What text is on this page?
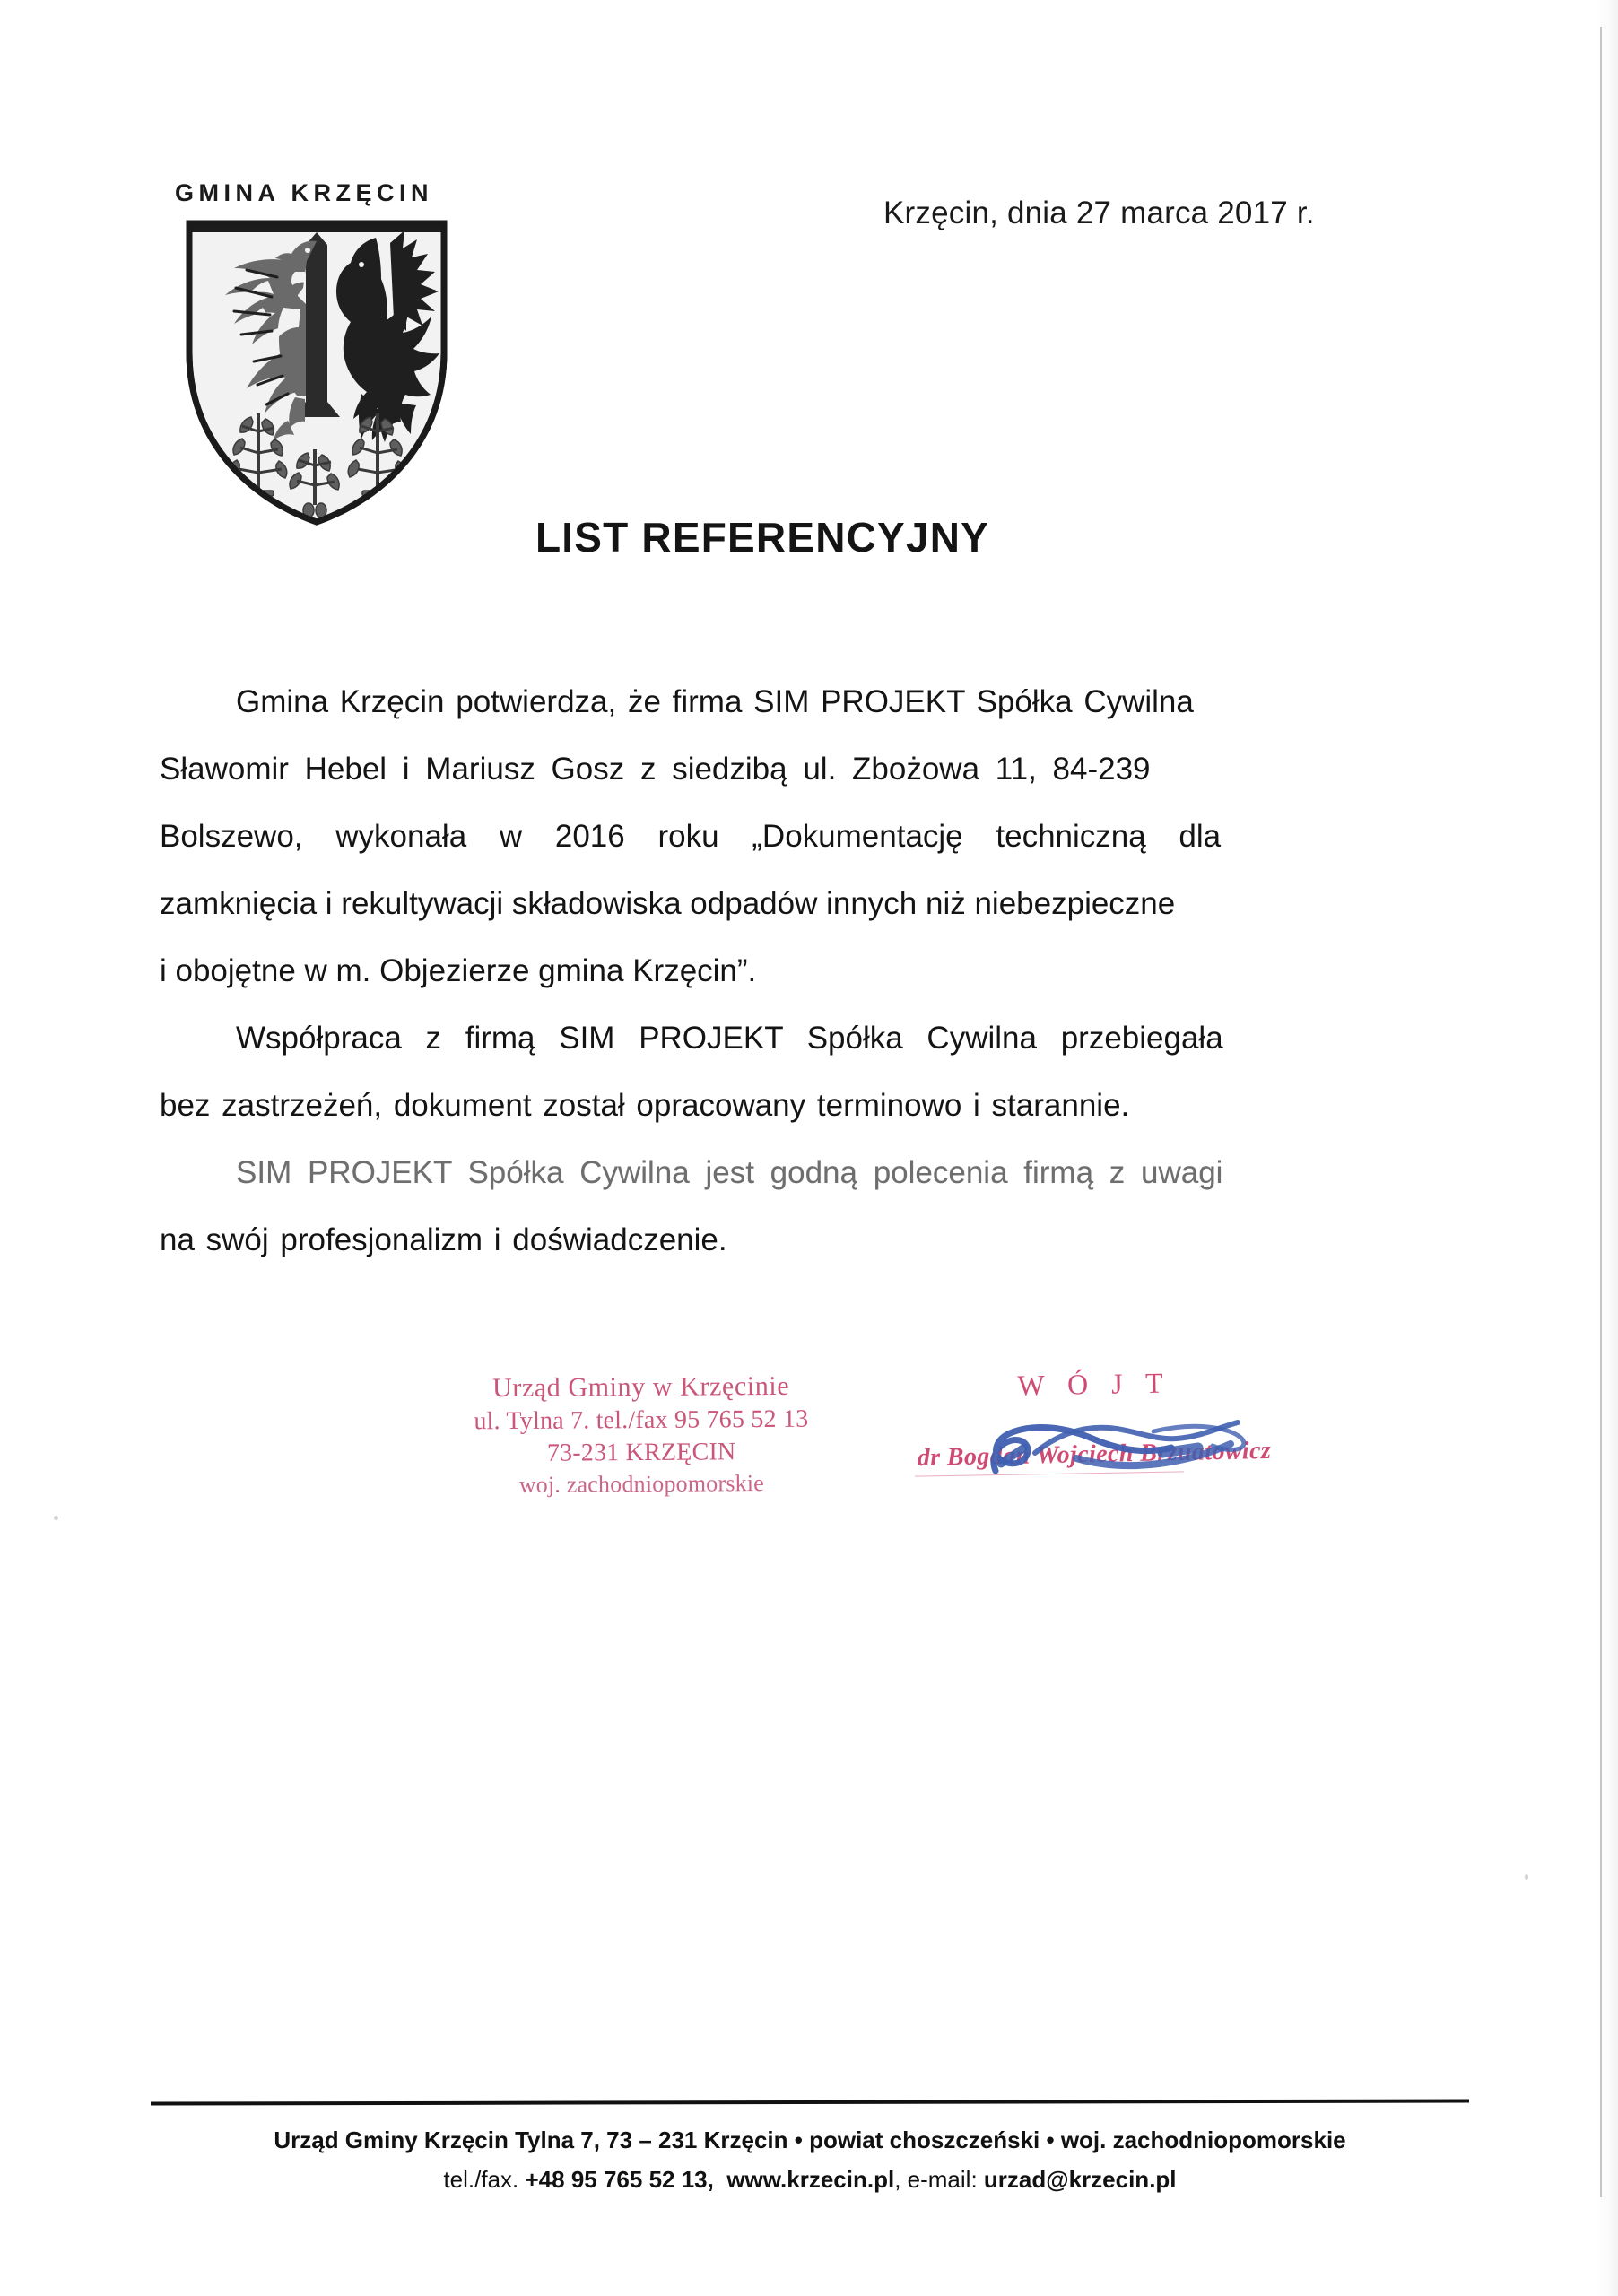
GMINA KRZĘCIN
Krzęcin, dnia 27 marca 2017 r.
LIST REFERENCYJNY
Gmina Krzęcin potwierdza, że firma SIM PROJEKT Spółka Cywilna
Sławomir Hebel i Mariusz Gosz z siedzibą ul. Zbożowa 11, 84-239
Bolszewo, wykonała w 2016 roku „Dokumentację techniczną dla
zamknięcia i rekultywacji składowiska odpadów innych niż niebezpieczne
i obojętne w m. Objezierze gmina Krzęcin”.
Współpraca z firmą SIM PROJEKT Spółka Cywilna przebiegała
bez zastrzeżeń, dokument został opracowany terminowo i starannie.
SIM PROJEKT Spółka Cywilna jest godną polecenia firmą z uwagi
na swój profesjonalizm i doświadczenie.
Urząd Gminy w Krzęcinie
ul. Tylna 7. tel./fax 95 765 52 13
73-231 KRZĘCIN
woj. zachodniopomorskie
W Ó J T
dr Bogdan Wojciech Brzuatowicz
Urząd Gminy Krzęcin Tylna 7, 73 – 231 Krzęcin • powiat choszczeński • woj. zachodniopomorskie
tel./fax. +48 95 765 52 13, www.krzecin.pl, e-mail: urzad@krzecin.pl
